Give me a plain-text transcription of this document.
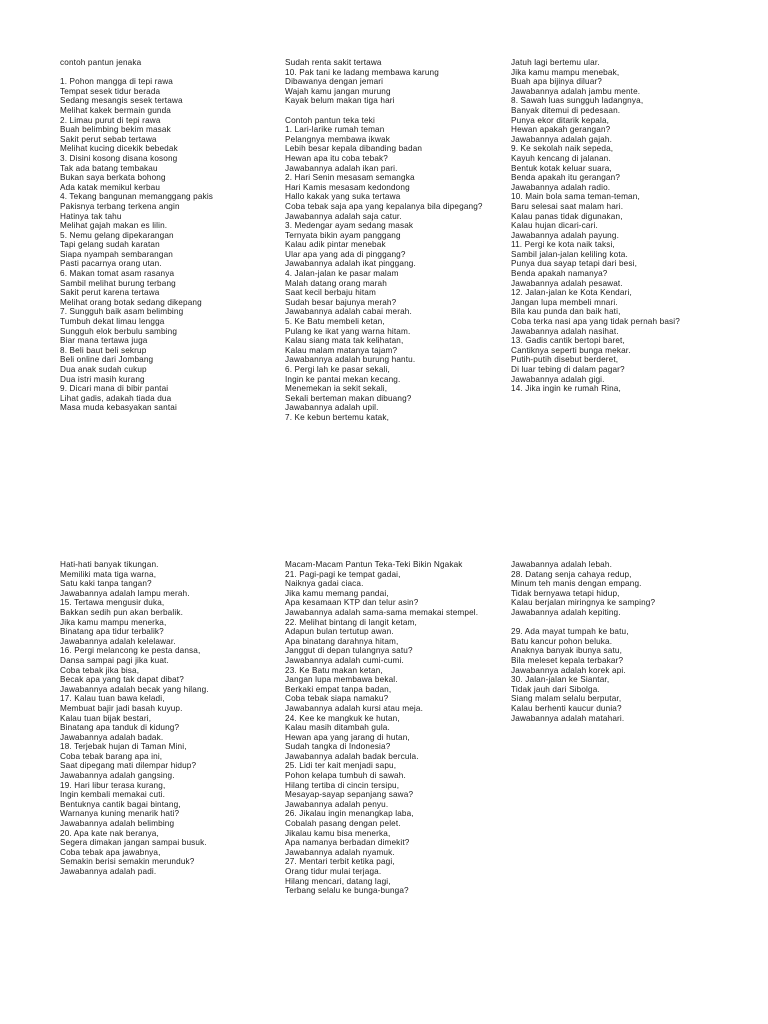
contoh pantun jenaka
1. Pohon mangga di tepi rawa
Tempat sesek tidur berada
Sedang mesangis sesek tertawa
Melihat kakek bermain gunda
2. Limau purut di tepi rawa
Buah belimbing bekim masak
Sakit perut sebab tertawa
Melihat kucing dicekik bebedak
3. Disini kosong disana kosong
Tak ada batang tembakau
Bukan saya berkata bohong
Ada katak memikul kerbau
4. Tekang bangunan memanggang pakis
Pakisnya terbang terkena angin
Hatinya tak tahu
Melihat gajah makan es lilin.
5. Nemu gelang dipekarangan
Tapi gelang sudah karatan
Siapa nyampah sembarangan
Pasti pacarnya orang utan.
6. Makan tomat asam rasanya
Sambil melihat burung terbang
Sakit perut karena tertawa
Melihat orang botak sedang dikepang
7. Sungguh baik asam belimbing
Tumbuh dekat limau lengga
Sungguh elok berbulu sambing
Biar mana tertawa juga
8. Beli baut beli sekrup
Beli online dari Jombang
Dua anak sudah cukup
Dua istri masih kurang
9. Dicari mana di bibir pantai
Lihat gadis, adakah tiada dua
Masa muda kebasyakan santai
Sudah renta sakit tertawa
10. Pak tani ke ladang membawa karung
Dibawanya dengan jemari
Wajah kamu jangan murung
Kayak belum makan tiga hari
Contoh pantun teka teki
1. Lari-larike rumah teman
Pelangnya membawa ikwak
Lebih besar kepala dibanding badan
Hewan apa itu coba tebak?
Jawabannya adalah ikan pari.
2. Hari Senin mesasam semangka
Hari Kamis mesasam kedondong
Hallo kakak yang suka tertawa
Coba tebak saja apa yang kepalanya bila dipegang?
Jawabannya adalah saja catur.
3. Medengar ayam sedang masak
Ternyata bikin ayam panggang
Kalau adik pintar menebak
Ular apa yang ada di pinggang?
Jawabannya adalah ikat pinggang.
4. Jalan-jalan ke pasar malam
Malah datang orang marah
Saat kecil berbaju hitam
Sudah besar bajunya merah?
Jawabannya adalah cabai merah.
5. Ke Batu membeli ketan,
Pulang ke ikat yang warna hitam.
Kalau siang mata tak kelihatan,
Kalau malam matanya tajam?
Jawabannya adalah burung hantu.
6. Pergi lah ke pasar sekali,
Ingin ke pantai mekan kecang.
Menemekan ia sekit sekali,
Sekali berteman makan dibuang?
Jawabannya adalah upil.
7. Ke kebun bertemu katak,
Jatuh lagi bertemu ular.
Jika kamu mampu menebak,
Buah apa bijinya diluar?
Jawabannya adalah jambu mente.
8. Sawah luas sungguh ladangnya,
Banyak ditemui di pedesaan.
Punya ekor ditarik kepala,
Hewan apakah gerangan?
Jawabannya adalah gajah.
9. Ke sekolah naik sepeda,
Kayuh kencang di jalanan.
Bentuk kotak keluar suara,
Benda apakah itu gerangan?
Jawabannya adalah radio.
10. Main bola sama teman-teman,
Baru selesai saat malam hari.
Kalau panas tidak digunakan,
Kalau hujan dicari-cari.
Jawabannya adalah payung.
11. Pergi ke kota naik taksi,
Sambil jalan-jalan keliling kota.
Punya dua sayap tetapi dari besi,
Benda apakah namanya?
Jawabannya adalah pesawat.
12. Jalan-jalan ke Kota Kendari,
Jangan lupa membeli mnari.
Bila kau punda dan baik hati,
Coba terka nasi apa yang tidak pernah basi?
Jawabannya adalah nasihat.
13. Gadis cantik bertopi baret,
Cantiknya seperti bunga mekar.
Putih-putih disebut berderet,
Di luar tebing di dalam pagar?
Jawabannya adalah gigi.
14. Jika ingin ke rumah Rina,
Hati-hati banyak tikungan.
Memiliki mata tiga warna,
Satu kaki tanpa tangan?
Jawabannya adalah lampu merah.
15. Tertawa mengusir duka,
Bakkan sedih pun akan berbalik.
Jika kamu mampu menerka,
Binatang apa tidur terbalik?
Jawabannya adalah kelelawar.
16. Pergi melancong ke pesta dansa,
Dansa sampai pagi jika kuat.
Coba tebak jika bisa,
Becak apa yang tak dapat dibat?
Jawabannya adalah becak yang hilang.
17. Kalau tuan bawa keladi,
Membuat bajir jadi basah kuyup.
Kalau tuan bijak bestari,
Binatang apa tanduk di kidung?
Jawabannya adalah badak.
18. Terjebak hujan di Taman Mini,
Coba tebak barang apa ini,
Saat dipegang mati dilempar hidup?
Jawabannya adalah gangsing.
19. Hari libur terasa kurang,
Ingin kembali memakai cuti.
Bentuknya cantik bagai bintang,
Warnanya kuning menarik hati?
Jawabannya adalah belimbing
20. Apa kate nak beranya,
Segera dimakan jangan sampai busuk.
Coba tebak apa jawabnya,
Semakin berisi semakin merunduk?
Jawabannya adalah padi.
Macam-Macam Pantun Teka-Teki Bikin Ngakak
21. Pagi-pagi ke tempat gadai,
Naiknya gadai ciaca.
Jika kamu memang pandai,
Apa kesamaan KTP dan telur asin?
Jawabannya adalah sama-sama memakai stempel.
22. Melihat bintang di langit ketam,
Adapun bulan tertutup awan.
Apa binatang darahnya hitam,
Janggut di depan tulangnya satu?
Jawabannya adalah cumi-cumi.
23. Ke Batu makan ketan,
Jangan lupa membawa bekal.
Berkaki empat tanpa badan,
Coba tebak siapa namaku?
Jawabannya adalah kursi atau meja.
24. Kee ke mangkuk ke hutan,
Kalau masih ditambah gula.
Hewan apa yang jarang di hutan,
Sudah tangka di Indonesia?
Jawabannya adalah badak bercula.
25. Lidi ter kait menjadi sapu,
Pohon kelapa tumbuh di sawah.
Hilang tertiba di cincin tersipu,
Mesayap-sayap sepanjang sawa?
Jawabannya adalah penyu.
26. Jikalau ingin menangkap laba,
Cobalah pasang dengan pelet.
Jikalau kamu bisa menerka,
Apa namanya berbadan dimekit?
Jawabannya adalah nyamuk.
27. Mentari terbit ketika pagi,
Orang tidur mulai terjaga.
Hilang mencari, datang lagi,
Terbang selalu ke bunga-bunga?
Jawabannya adalah lebah.
28. Datang senja cahaya redup,
Minum teh manis dengan empang.
Tidak bernyawa tetapi hidup,
Kalau berjalan miringnya ke samping?
Jawabannya adalah kepiting.
29. Ada mayat tumpah ke batu,
Batu kancur pohon beluka.
Anaknya banyak ibunya satu,
Bila meleset kepala terbakar?
Jawabannya adalah korek api.
30. Jalan-jalan ke Siantar,
Tidak jauh dari Sibolga.
Siang malam selalu berputar,
Kalau berhenti kaucur dunia?
Jawabannya adalah matahari.
